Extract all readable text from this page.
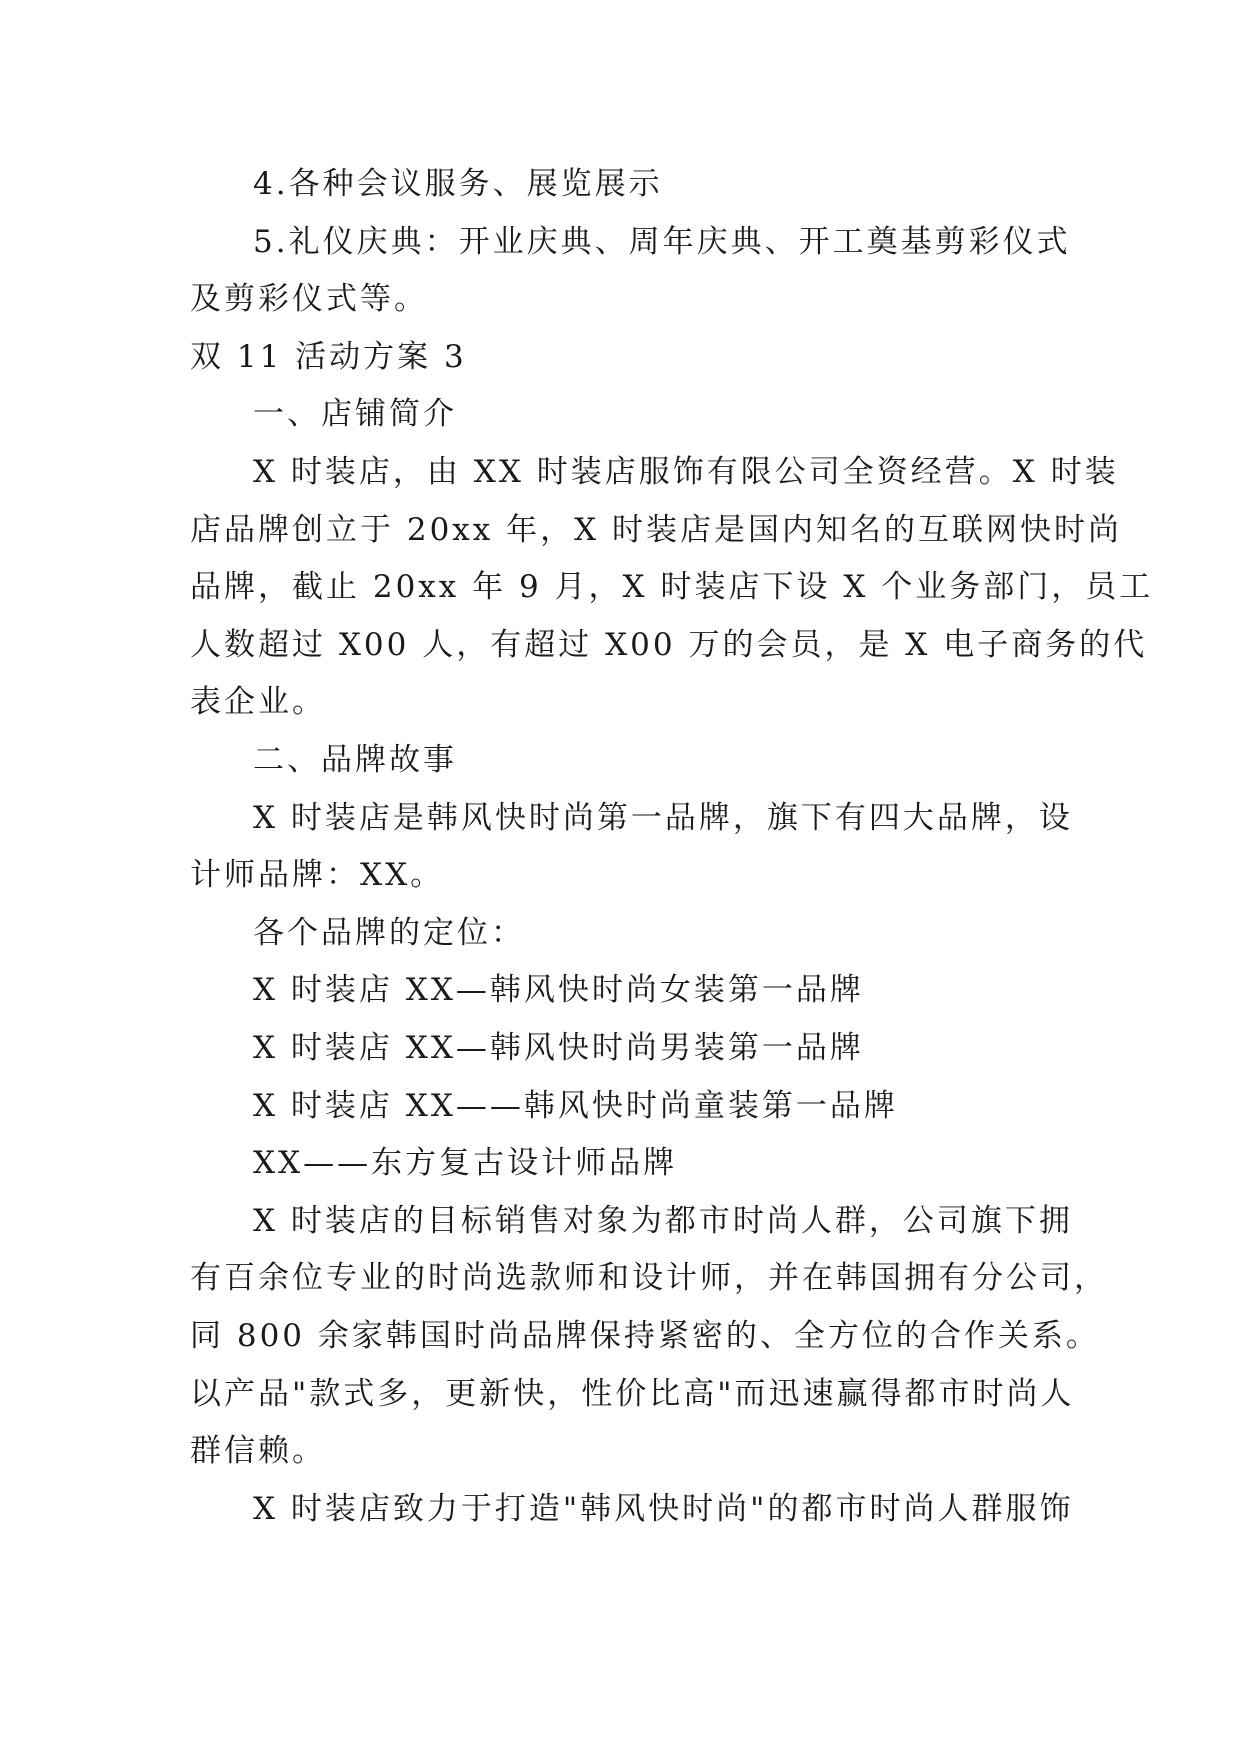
4.各种会议服务、展览展示
5.礼仪庆典：开业庆典、周年庆典、开工奠基剪彩仪式
及剪彩仪式等。
双 11 活动方案 3
一、店铺简介
X 时装店，由 XX 时装店服饰有限公司全资经营。X 时装
店品牌创立于 20xx 年，X 时装店是国内知名的互联网快时尚
品牌，截止 20xx 年 9 月，X 时装店下设 X 个业务部门，员工
人数超过 X00 人，有超过 X00 万的会员，是 X 电子商务的代
表企业。
二、品牌故事
X 时装店是韩风快时尚第一品牌，旗下有四大品牌，设
计师品牌：XX。
各个品牌的定位：
X 时装店 XX—韩风快时尚女装第一品牌
X 时装店 XX—韩风快时尚男装第一品牌
X 时装店 XX——韩风快时尚童装第一品牌
XX——东方复古设计师品牌
X 时装店的目标销售对象为都市时尚人群，公司旗下拥
有百余位专业的时尚选款师和设计师，并在韩国拥有分公司，
同 800 余家韩国时尚品牌保持紧密的、全方位的合作关系。
以产品"款式多，更新快，性价比高"而迅速赢得都市时尚人
群信赖。
X 时装店致力于打造"韩风快时尚"的都市时尚人群服饰
